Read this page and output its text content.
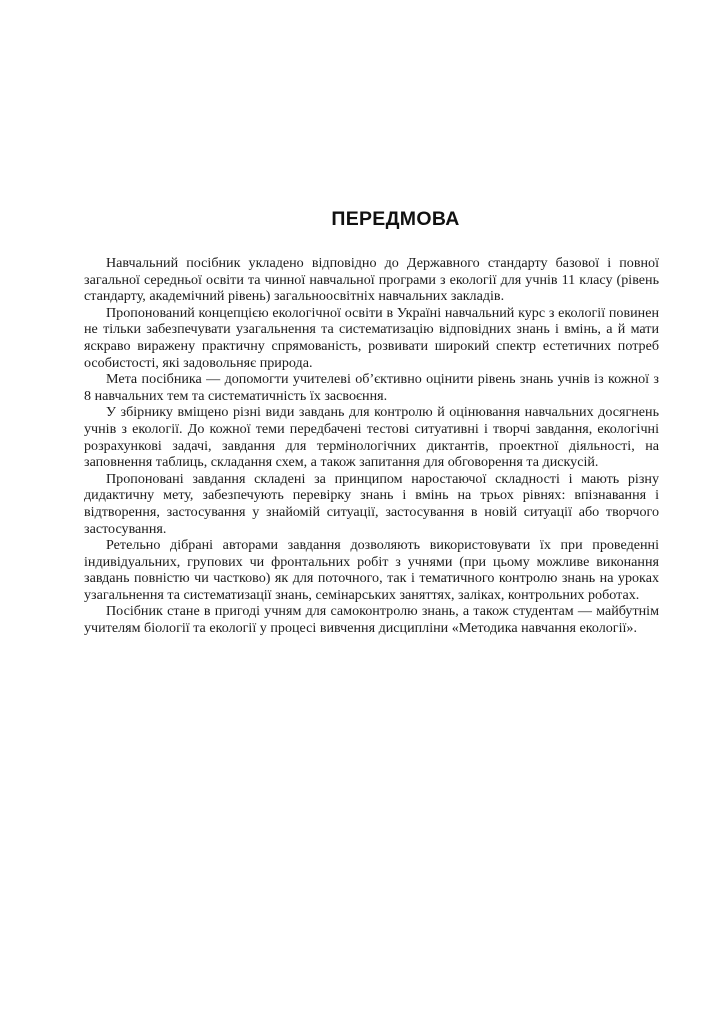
ПЕРЕДМОВА

Навчальний посібник укладено відповідно до Державного стандарту базової і повної загальної середньої освіти та чинної навчальної програми з екології для учнів 11 класу (рівень стандарту, академічний рівень) загальноосвітніх навчальних закладів.

Пропонований концепцією екологічної освіти в Україні навчальний курс з екології повинен не тільки забезпечувати узагальнення та систематизацію відповідних знань і вмінь, а й мати яскраво виражену практичну спрямованість, розвивати широкий спектр естетичних потреб особистості, які задовольняє природа.

Мета посібника — допомогти учителеві об’єктивно оцінити рівень знань учнів із кожної з 8 навчальних тем та систематичність їх засвоєння.

У збірнику вміщено різні види завдань для контролю й оцінювання навчальних досягнень учнів з екології. До кожної теми передбачені тестові ситуативні і творчі завдання, екологічні розрахункові задачі, завдання для термінологічних диктантів, проектної діяльності, на заповнення таблиць, складання схем, а також запитання для обговорення та дискусій.

Пропоновані завдання складені за принципом наростаючої складності і мають різну дидактичну мету, забезпечують перевірку знань і вмінь на трьох рівнях: впізнавання і відтворення, застосування у знайомій ситуації, застосування в новій ситуації або творчого застосування.

Ретельно дібрані авторами завдання дозволяють використовувати їх при проведенні індивідуальних, групових чи фронтальних робіт з учнями (при цьому можливе виконання завдань повністю чи частково) як для поточного, так і тематичного контролю знань на уроках узагальнення та систематизації знань, семінарських заняттях, заліках, контрольних роботах.

Посібник стане в пригоді учням для самоконтролю знань, а також студентам — майбутнім учителям біології та екології у процесі вивчення дисципліни «Методика навчання екології».
